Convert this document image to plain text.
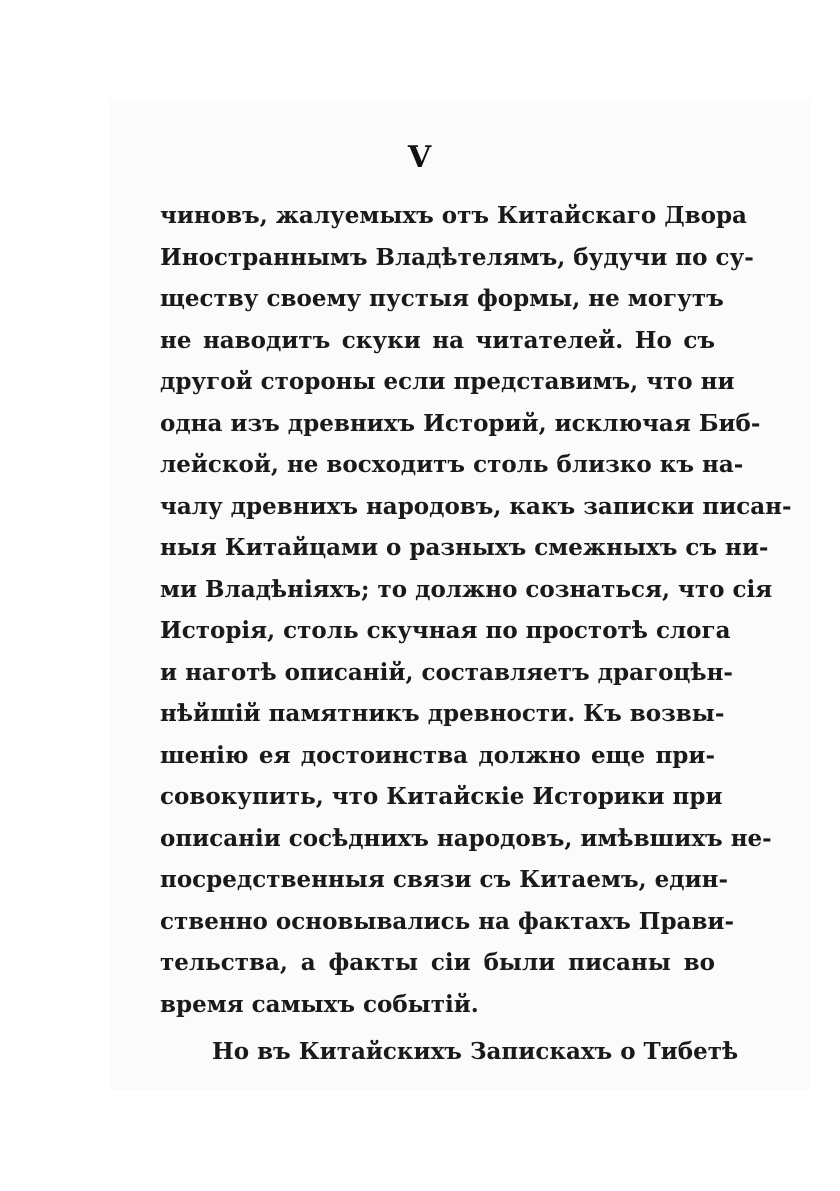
V
чиновъ, жалуемыхъ отъ Китайскаго Двора
Иностраннымъ Владѣтелямъ, будучи по су-
ществу своему пустыя формы, не могутъ
не наводитъ скуки на читателей. Но съ
другой стороны если представимъ, что ни
одна изъ древнихъ Историй, исключая Биб-
лейской, не восходитъ столь близко къ на-
чалу древнихъ народовъ, какъ записки писан-
ныя Китайцами о разныхъ смежныхъ съ ни-
ми Владѣніяхъ; то должно сознаться, что сія
Исторія, столь скучная по простотѣ слога
и наготѣ описаній, составляетъ драгоцѣн-
нѣйшій памятникъ древности. Къ возвы-
шенію ея достоинства должно еще при-
совокупить, что Китайскіе Историки при
описаніи сосѣднихъ народовъ, имѣвшихъ не-
посредственныя связи съ Китаемъ, един-
ственно основывались на фактахъ Прави-
тельства, а факты сіи были писаны во
время самыхъ событій.
Но въ Китайскихъ Запискахъ о Тибетѣ
